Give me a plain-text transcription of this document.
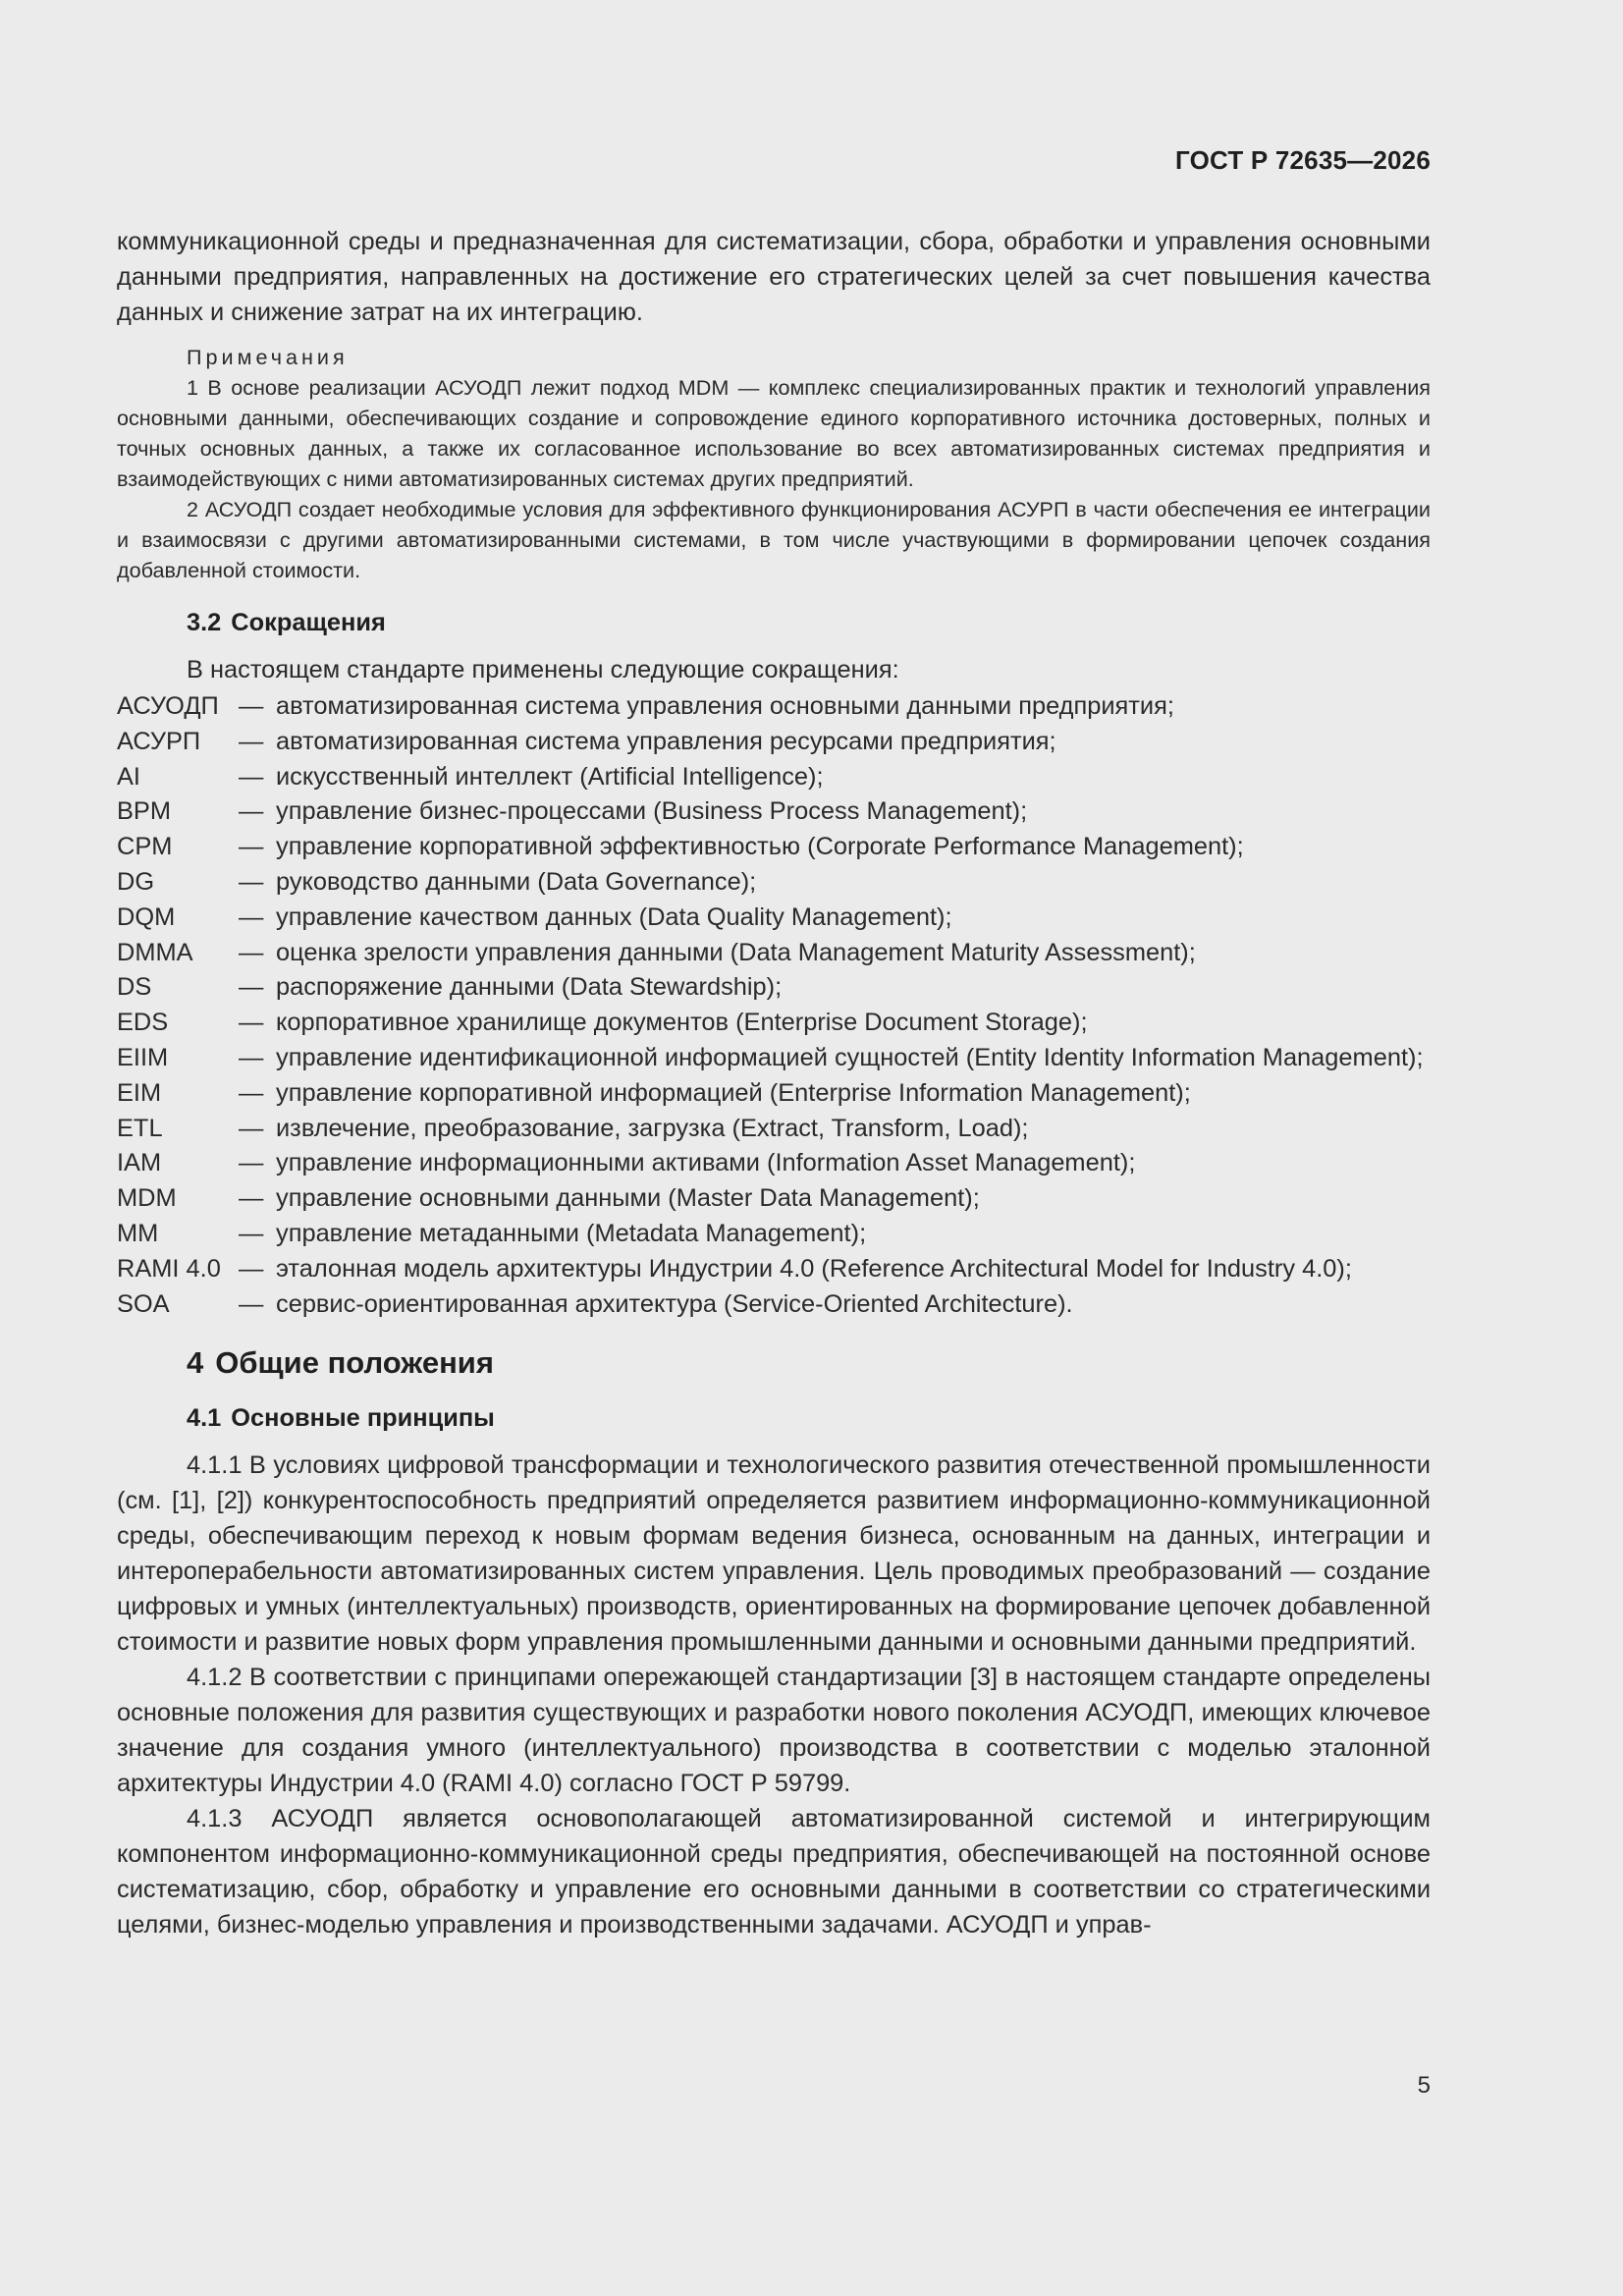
ГОСТ Р 72635—2026

коммуникационной среды и предназначенная для систематизации, сбора, обработки и управления основными данными предприятия, направленных на достижение его стратегических целей за счет повышения качества данных и снижение затрат на их интеграцию.

Примечания

1 В основе реализации АСУОДП лежит подход MDM — комплекс специализированных практик и технологий управления основными данными, обеспечивающих создание и сопровождение единого корпоративного источника достоверных, полных и точных основных данных, а также их согласованное использование во всех автоматизированных системах предприятия и взаимодействующих с ними автоматизированных системах других предприятий.

2 АСУОДП создает необходимые условия для эффективного функционирования АСУРП в части обеспечения ее интеграции и взаимосвязи с другими автоматизированными системами, в том числе участвующими в формировании цепочек создания добавленной стоимости.

3.2 Сокращения

В настоящем стандарте применены следующие сокращения:

АСУОДП — автоматизированная система управления основными данными предприятия;
АСУРП	— автоматизированная система управления ресурсами предприятия;
AI	— искусственный интеллект (Artificial Intelligence);
BPM	— управление бизнес-процессами (Business Process Management);
CPM	— управление корпоративной эффективностью (Corporate Performance Management);
DG	— руководство данными (Data Governance);
DQM	— управление качеством данных (Data Quality Management);
DMMA	— оценка зрелости управления данными (Data Management Maturity Assessment);
DS	— распоряжение данными (Data Stewardship);
EDS	— корпоративное хранилище документов (Enterprise Document Storage);
EIIM	— управление идентификационной информацией сущностей (Entity Identity Information Management);
EIM	— управление корпоративной информацией (Enterprise Information Management);
ETL	— извлечение, преобразование, загрузка (Extract, Transform, Load);
IAM	— управление информационными активами (Information Asset Management);
MDM	— управление основными данными (Master Data Management);
MM	— управление метаданными (Metadata Management);
RAMI 4.0 — эталонная модель архитектуры Индустрии 4.0 (Reference Architectural Model for Industry 4.0);
SOA	— сервис-ориентированная архитектура (Service-Oriented Architecture).
4 Общие положения
4.1 Основные принципы

4.1.1 В условиях цифровой трансформации и технологического развития отечественной промышленности (см. [1], [2]) конкурентоспособность предприятий определяется развитием информационно-коммуникационной среды, обеспечивающим переход к новым формам ведения бизнеса, основанным на данных, интеграции и интероперабельности автоматизированных систем управления. Цель проводимых преобразований — создание цифровых и умных (интеллектуальных) производств, ориентированных на формирование цепочек добавленной стоимости и развитие новых форм управления промышленными данными и основными данными предприятий.

4.1.2 В соответствии с принципами опережающей стандартизации [3] в настоящем стандарте определены основные положения для развития существующих и разработки нового поколения АСУОДП, имеющих ключевое значение для создания умного (интеллектуального) производства в соответствии с моделью эталонной архитектуры Индустрии 4.0 (RAMI 4.0) согласно ГОСТ Р 59799.

4.1.3 АСУОДП является основополагающей автоматизированной системой и интегрирующим компонентом информационно-коммуникационной среды предприятия, обеспечивающей на постоянной основе систематизацию, сбор, обработку и управление его основными данными в соответствии со стратегическими целями, бизнес-моделью управления и производственными задачами. АСУОДП и управ-

5
